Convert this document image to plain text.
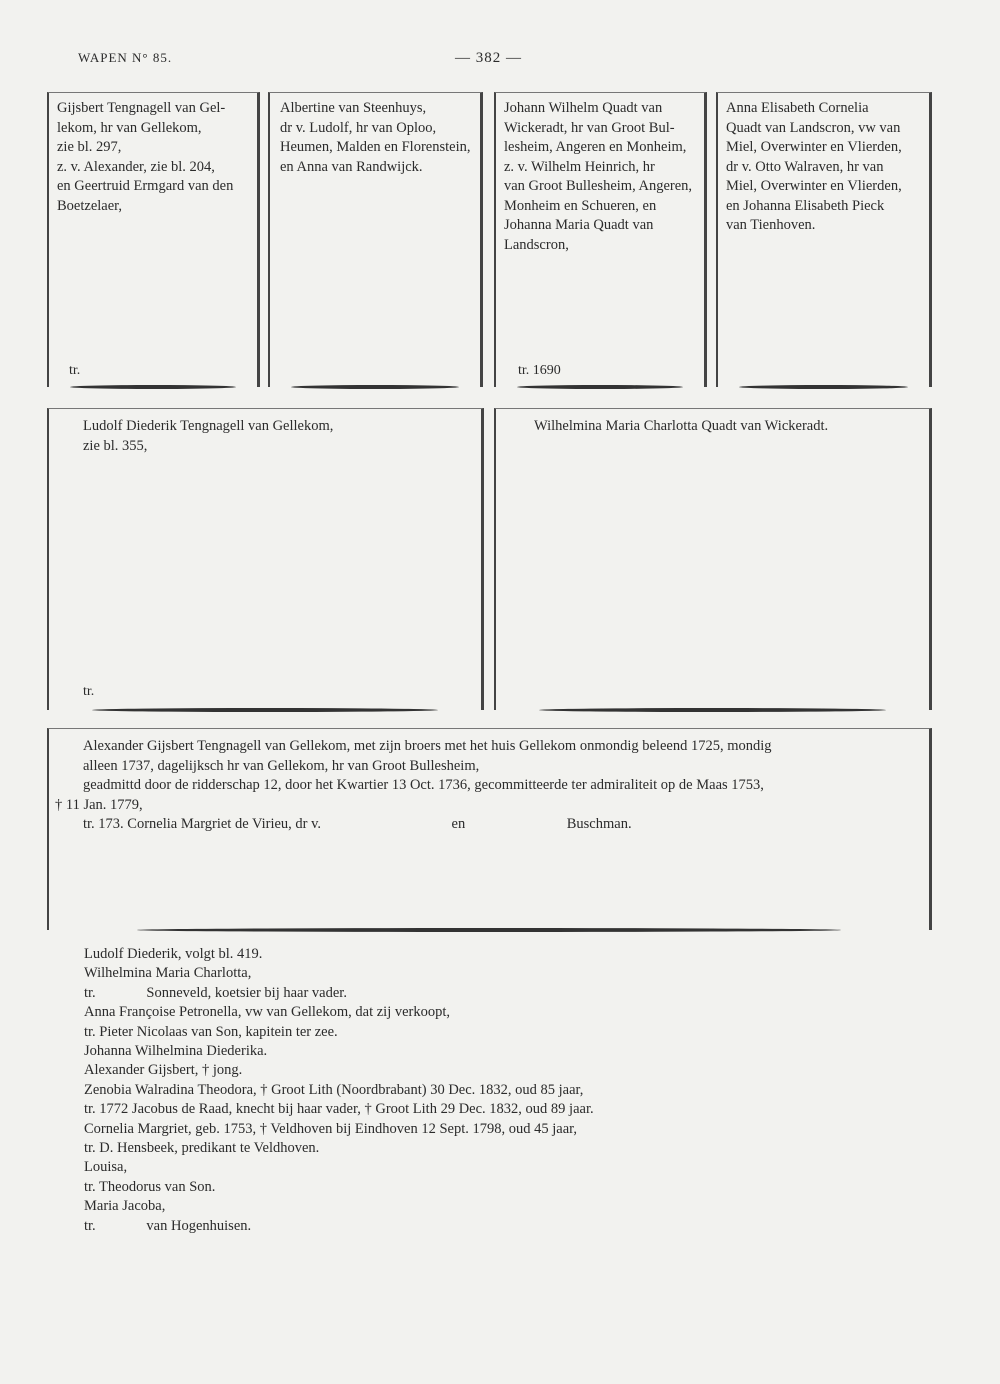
WAPEN N° 85.	— 382 —
Gijsbert Tengnagell van Gel-
lekom, hr van Gellekom,
zie bl. 297,
z. v. Alexander, zie bl. 204,
en Geertruid Ermgard van den
Boetzelaer,
tr.
Albertine van Steenhuys,
dr v. Ludolf, hr van Oploo,
Heumen, Malden en Florenstein,
en Anna van Randwijck.
Johann Wilhelm Quadt van
Wickeradt, hr van Groot Bul-
lesheim, Angeren en Monheim,
z. v. Wilhelm Heinrich, hr
van Groot Bullesheim, Angeren,
Monheim en Schueren, en
Johanna Maria Quadt van
Landscron,
tr. 1690
Anna Elisabeth Cornelia
Quadt van Landscron, vw van
Miel, Overwinter en Vlierden,
dr v. Otto Walraven, hr van
Miel, Overwinter en Vlierden,
en Johanna Elisabeth Pieck
van Tienhoven.
Ludolf Diederik Tengnagell van Gellekom,
zie bl. 355,
tr.
Wilhelmina Maria Charlotta Quadt van Wickeradt.
Alexander Gijsbert Tengnagell van Gellekom, met zijn broers met het huis Gellekom onmondig beleend 1725, mondig
alleen 1737, dagelijksch hr van Gellekom, hr van Groot Bullesheim,
geadmittd door de ridderschap 12, door het Kwartier 13 Oct. 1736, gecommitteerde ter admiraliteit op de Maas 1753,
† 11 Jan. 1779,
tr. 173. Cornelia Margriet de Virieu, dr v.                                    en                            Buschman.
Ludolf Diederik, volgt bl. 419.
Wilhelmina Maria Charlotta,
tr.              Sonneveld, koetsier bij haar vader.
Anna Françoise Petronella, vw van Gellekom, dat zij verkoopt,
tr. Pieter Nicolaas van Son, kapitein ter zee.
Johanna Wilhelmina Diederika.
Alexander Gijsbert, † jong.
Zenobia Walradina Theodora, † Groot Lith (Noordbrabant) 30 Dec. 1832, oud 85 jaar,
tr. 1772 Jacobus de Raad, knecht bij haar vader, † Groot Lith 29 Dec. 1832, oud 89 jaar.
Cornelia Margriet, geb. 1753, † Veldhoven bij Eindhoven 12 Sept. 1798, oud 45 jaar,
tr. D. Hensbeek, predikant te Veldhoven.
Louisa,
tr. Theodorus van Son.
Maria Jacoba,
tr.              van Hogenhuisen.
